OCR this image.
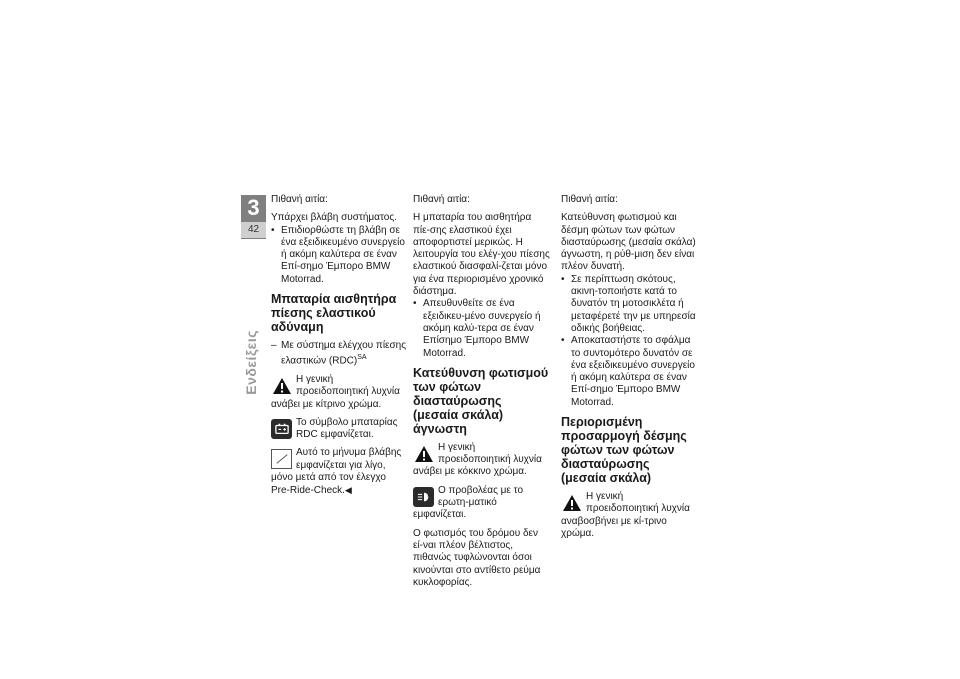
3
42
Ενδείξεις

Πιθανή αιτία:

Υπάρχει βλάβη συστήματος.

• Επιδιορθώστε τη βλάβη σε ένα εξειδικευμένο συνεργείο ή ακόμη καλύτερα σε έναν Επί-σημο Έμπορο BMW Motorrad.
Μπαταρία αισθητήρα πίεσης ελαστικού αδύναμη
– Με σύστημα ελέγχου πίεσης ελαστικών (RDC)$^{SA}$
Η γενική προειδοποιητική λυχνία ανάβει με κίτρινο χρώμα.
Το σύμβολο μπαταρίας RDC εμφανίζεται.
Αυτό το μήνυμα βλάβης εμφανίζεται για λίγο, μόνο μετά από τον έλεγχο Pre-Ride-Check.◀

Πιθανή αιτία:

Η μπαταρία του αισθητήρα πίε-σης ελαστικού έχει αποφορτιστεί μερικώς. Η λειτουργία του ελέγ-χου πίεσης ελαστικού διασφαλί-ζεται μόνο για ένα περιορισμένο χρονικό διάστημα.

• Απευθυνθείτε σε ένα εξειδικευ-μένο συνεργείο ή ακόμη καλύ-τερα σε έναν Επίσημο Έμπορο BMW Motorrad.
Κατεύθυνση φωτισμού των φώτων διασταύρωσης (μεσαία σκάλα) άγνωστη
Η γενική προειδοποιητική λυχνία ανάβει με κόκκινο χρώμα.
?
Ο προβολέας με το ερωτη-ματικό εμφανίζεται.

Ο φωτισμός του δρόμου δεν εί-ναι πλέον βέλτιστος, πιθανώς τυφλώνονται όσοι κινούνται στο αντίθετο ρεύμα κυκλοφορίας.

Πιθανή αιτία:

Κατεύθυνση φωτισμού και δέσμη φώτων των φώτων διασταύρωσης (μεσαία σκάλα) άγνωστη, η ρύθ-μιση δεν είναι πλέον δυνατή.

• Σε περίπτωση σκότους, ακινη-τοποιήστε κατά το δυνατόν τη μοτοσικλέτα ή μεταφέρετέ την με υπηρεσία οδικής βοήθειας.
• Αποκαταστήστε το σφάλμα το συντομότερο δυνατόν σε ένα εξειδικευμένο συνεργείο ή ακόμη καλύτερα σε έναν Επί-σημο Έμπορο BMW Motorrad.
Περιορισμένη προσαρμογή δέσμης φώτων των φώτων διασταύρωσης (μεσαία σκάλα)
Η γενική προειδοποιητική λυχνία αναβοσβήνει με κί-τρινο χρώμα.
